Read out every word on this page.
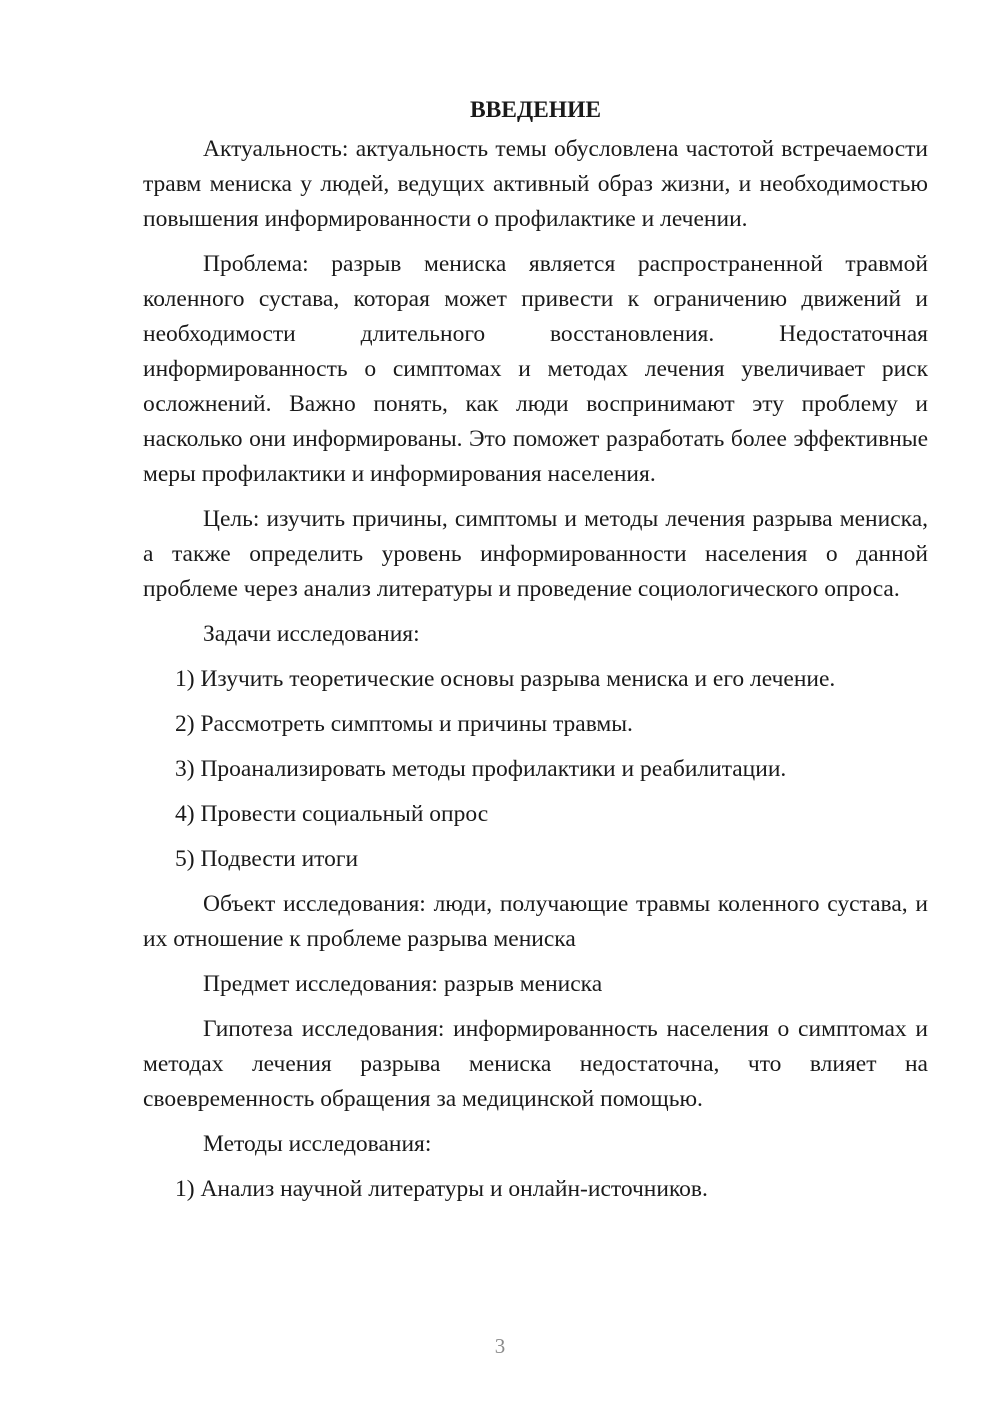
ВВЕДЕНИЕ

Актуальность: актуальность темы обусловлена частотой встречаемости травм мениска у людей, ведущих активный образ жизни, и необходимостью повышения информированности о профилактике и лечении.

Проблема: разрыв мениска является распространенной травмой коленного сустава, которая может привести к ограничению движений и необходимости длительного восстановления. Недостаточная информированность о симптомах и методах лечения увеличивает риск осложнений. Важно понять, как люди воспринимают эту проблему и насколько они информированы. Это поможет разработать более эффективные меры профилактики и информирования населения.

Цель: изучить причины, симптомы и методы лечения разрыва мениска, а также определить уровень информированности населения о данной проблеме через анализ литературы и проведение социологического опроса.

Задачи исследования:

1) Изучить теоретические основы разрыва мениска и его лечение.
2) Рассмотреть симптомы и причины травмы.
3) Проанализировать методы профилактики и реабилитации.
4) Провести социальный опрос
5) Подвести итоги

Объект исследования: люди, получающие травмы коленного сустава, и их отношение к проблеме разрыва мениска

Предмет исследования: разрыв мениска

Гипотеза исследования: информированность населения о симптомах и методах лечения разрыва мениска недостаточна, что влияет на своевременность обращения за медицинской помощью.

Методы исследования:

1) Анализ научной литературы и онлайн-источников.
3
